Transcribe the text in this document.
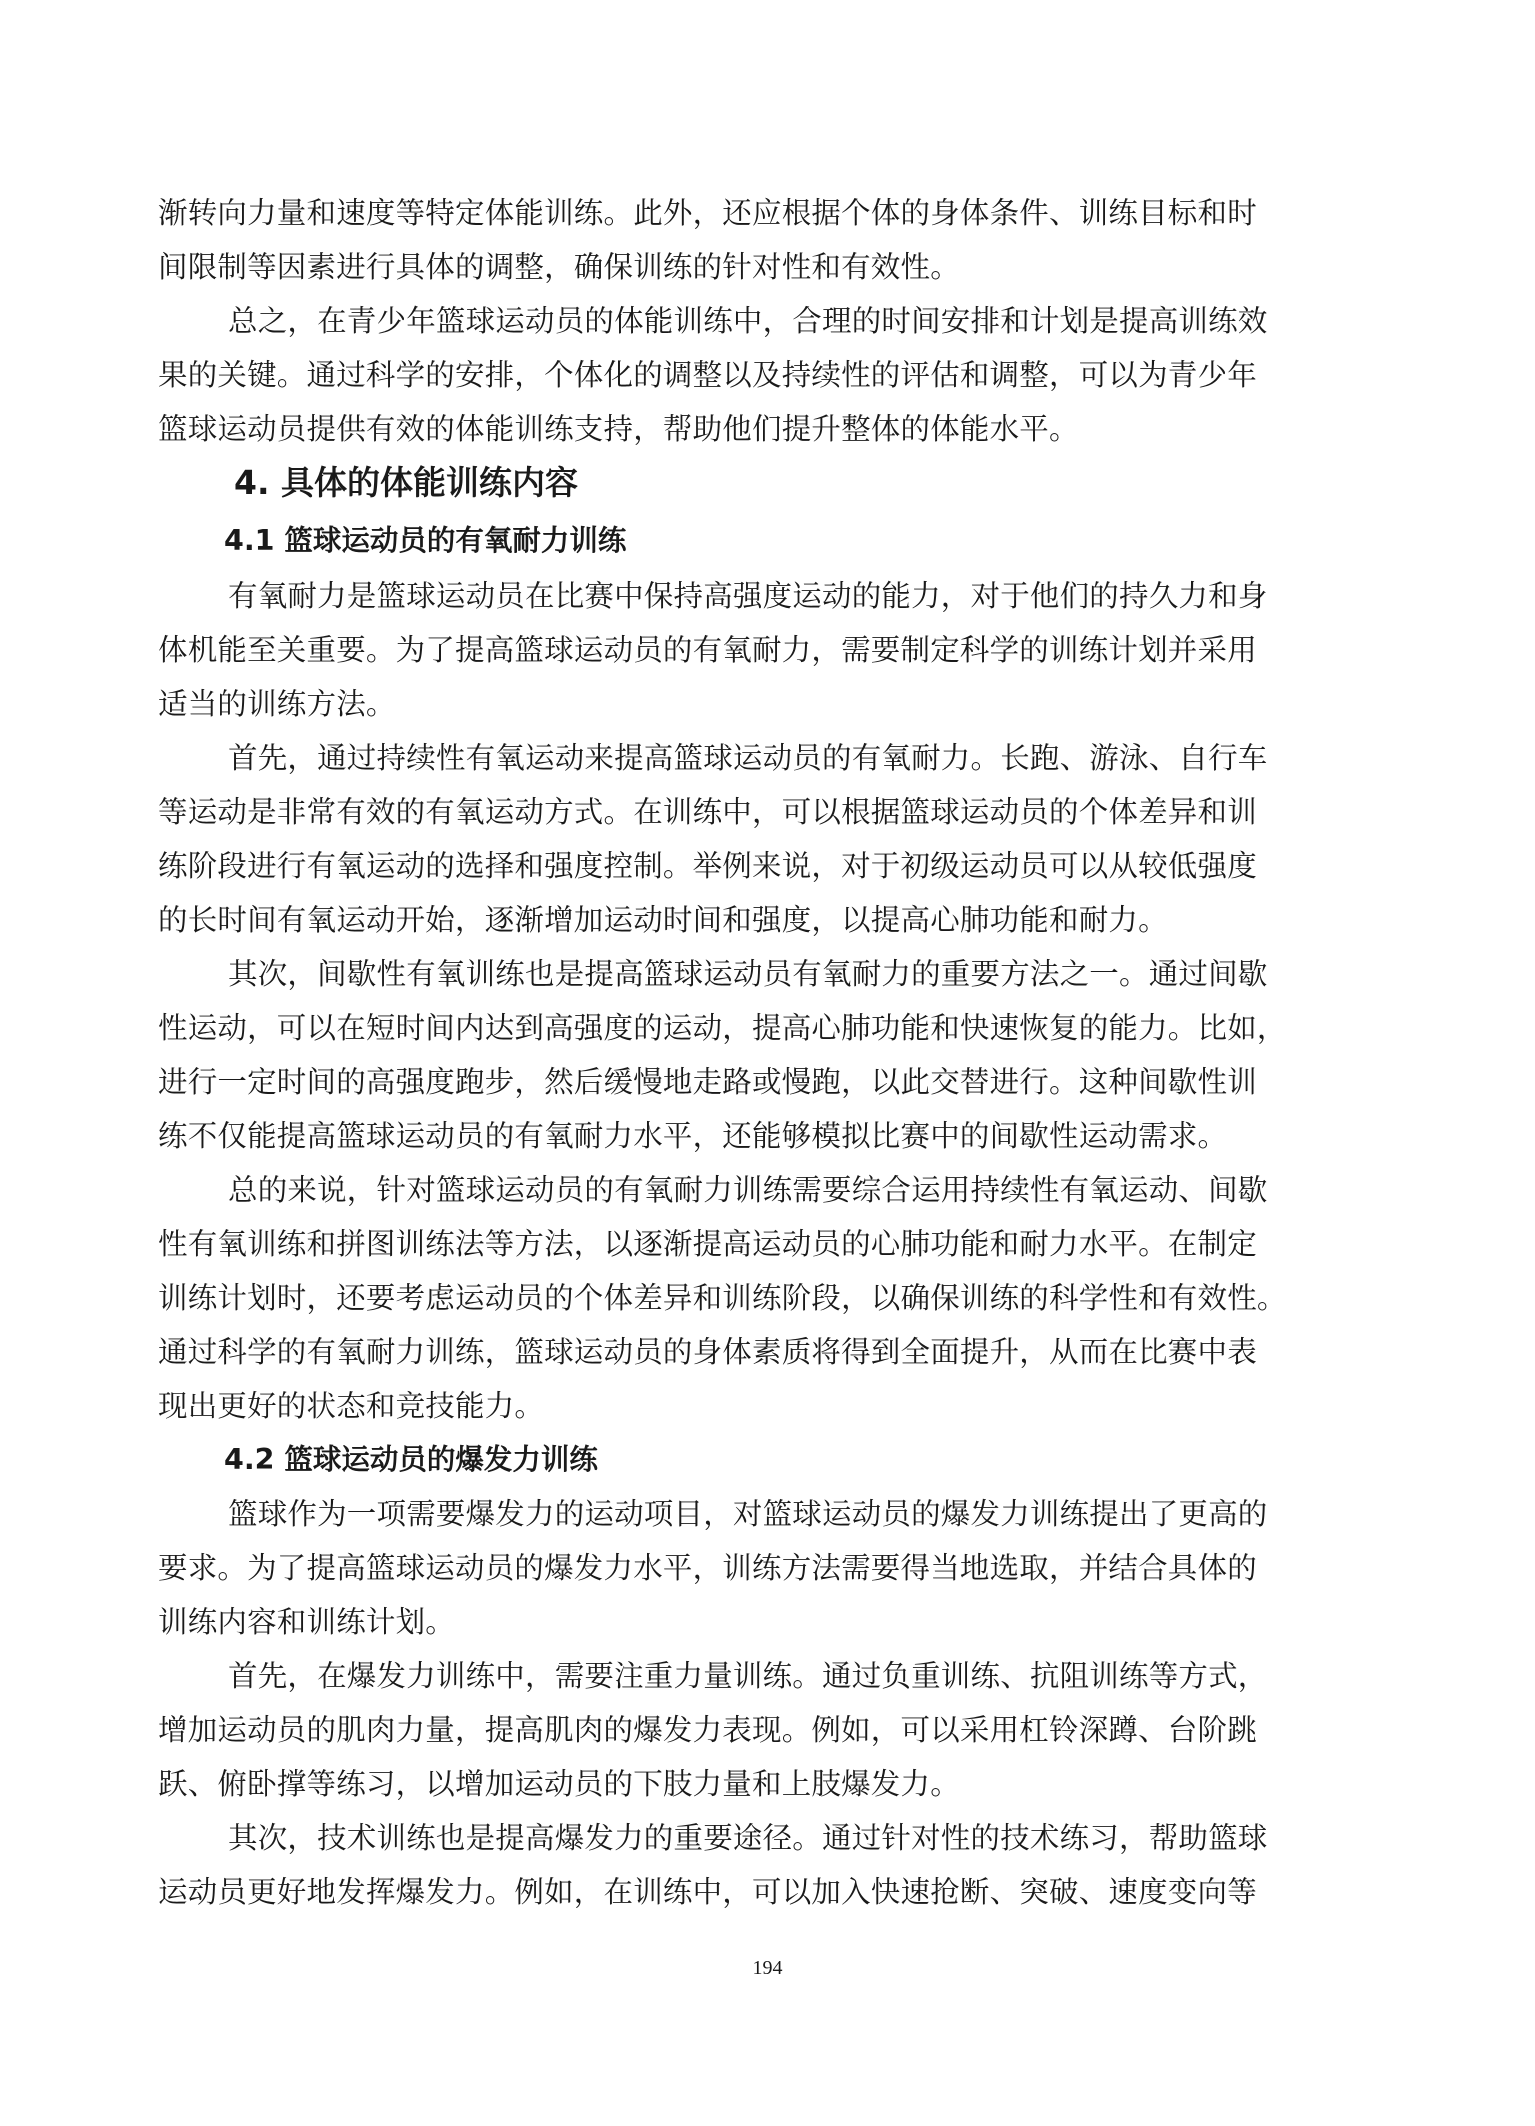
渐转向力量和速度等特定体能训练。此外，还应根据个体的身体条件、训练目标和时
间限制等因素进行具体的调整，确保训练的针对性和有效性。
总之，在青少年篮球运动员的体能训练中，合理的时间安排和计划是提高训练效
果的关键。通过科学的安排，个体化的调整以及持续性的评估和调整，可以为青少年
篮球运动员提供有效的体能训练支持，帮助他们提升整体的体能水平。
4. 具体的体能训练内容
4.1 篮球运动员的有氧耐力训练
有氧耐力是篮球运动员在比赛中保持高强度运动的能力，对于他们的持久力和身
体机能至关重要。为了提高篮球运动员的有氧耐力，需要制定科学的训练计划并采用
适当的训练方法。
首先，通过持续性有氧运动来提高篮球运动员的有氧耐力。长跑、游泳、自行车
等运动是非常有效的有氧运动方式。在训练中，可以根据篮球运动员的个体差异和训
练阶段进行有氧运动的选择和强度控制。举例来说，对于初级运动员可以从较低强度
的长时间有氧运动开始，逐渐增加运动时间和强度，以提高心肺功能和耐力。
其次，间歇性有氧训练也是提高篮球运动员有氧耐力的重要方法之一。通过间歇
性运动，可以在短时间内达到高强度的运动，提高心肺功能和快速恢复的能力。比如，
进行一定时间的高强度跑步，然后缓慢地走路或慢跑，以此交替进行。这种间歇性训
练不仅能提高篮球运动员的有氧耐力水平，还能够模拟比赛中的间歇性运动需求。
总的来说，针对篮球运动员的有氧耐力训练需要综合运用持续性有氧运动、间歇
性有氧训练和拼图训练法等方法，以逐渐提高运动员的心肺功能和耐力水平。在制定
训练计划时，还要考虑运动员的个体差异和训练阶段，以确保训练的科学性和有效性。
通过科学的有氧耐力训练，篮球运动员的身体素质将得到全面提升，从而在比赛中表
现出更好的状态和竞技能力。
4.2 篮球运动员的爆发力训练
篮球作为一项需要爆发力的运动项目，对篮球运动员的爆发力训练提出了更高的
要求。为了提高篮球运动员的爆发力水平，训练方法需要得当地选取，并结合具体的
训练内容和训练计划。
首先，在爆发力训练中，需要注重力量训练。通过负重训练、抗阻训练等方式，
增加运动员的肌肉力量，提高肌肉的爆发力表现。例如，可以采用杠铃深蹲、台阶跳
跃、俯卧撑等练习，以增加运动员的下肢力量和上肢爆发力。
其次，技术训练也是提高爆发力的重要途径。通过针对性的技术练习，帮助篮球
运动员更好地发挥爆发力。例如，在训练中，可以加入快速抢断、突破、速度变向等
194
